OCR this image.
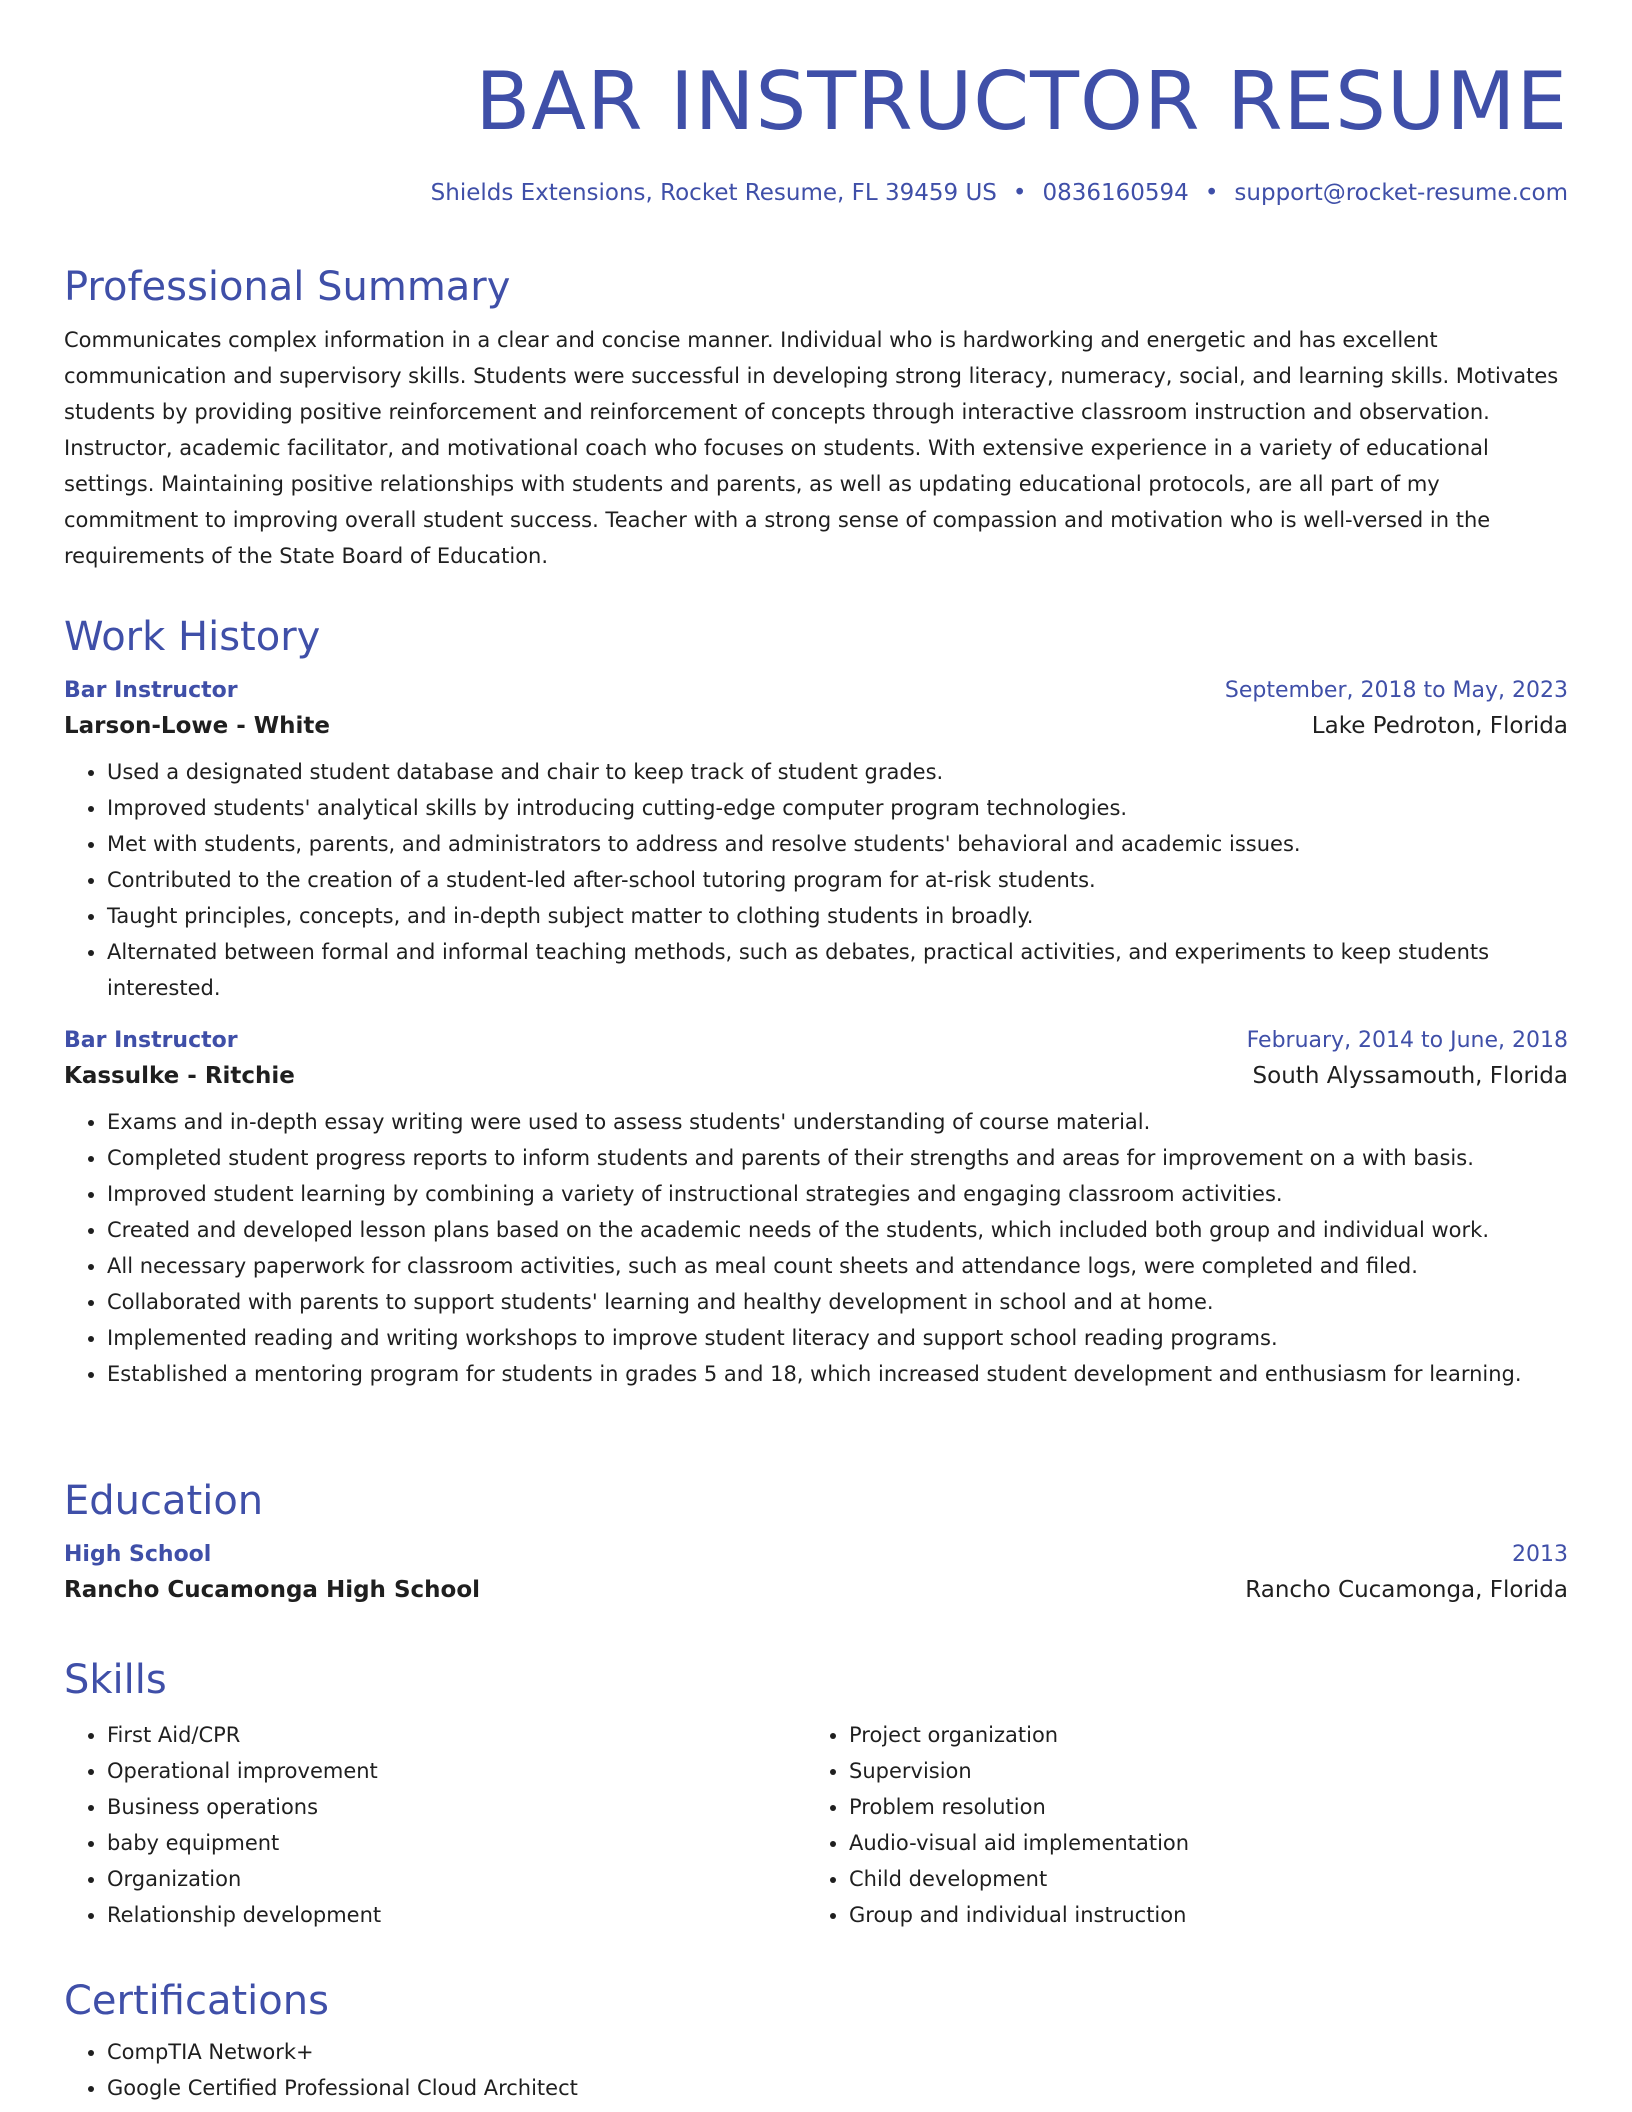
BAR INSTRUCTOR RESUME
Shields Extensions, Rocket Resume, FL 39459 US • 0836160594 • support@rocket-resume.com
Professional Summary
Communicates complex information in a clear and concise manner. Individual who is hardworking and energetic and has excellent communication and supervisory skills. Students were successful in developing strong literacy, numeracy, social, and learning skills. Motivates students by providing positive reinforcement and reinforcement of concepts through interactive classroom instruction and observation. Instructor, academic facilitator, and motivational coach who focuses on students. With extensive experience in a variety of educational settings. Maintaining positive relationships with students and parents, as well as updating educational protocols, are all part of my commitment to improving overall student success. Teacher with a strong sense of compassion and motivation who is well-versed in the requirements of the State Board of Education.
Work History
Bar Instructor	September, 2018 to May, 2023
Larson-Lowe - White	Lake Pedroton, Florida
• Used a designated student database and chair to keep track of student grades.
• Improved students' analytical skills by introducing cutting-edge computer program technologies.
• Met with students, parents, and administrators to address and resolve students' behavioral and academic issues.
• Contributed to the creation of a student-led after-school tutoring program for at-risk students.
• Taught principles, concepts, and in-depth subject matter to clothing students in broadly.
• Alternated between formal and informal teaching methods, such as debates, practical activities, and experiments to keep students interested.
Bar Instructor	February, 2014 to June, 2018
Kassulke - Ritchie	South Alyssamouth, Florida
• Exams and in-depth essay writing were used to assess students' understanding of course material.
• Completed student progress reports to inform students and parents of their strengths and areas for improvement on a with basis.
• Improved student learning by combining a variety of instructional strategies and engaging classroom activities.
• Created and developed lesson plans based on the academic needs of the students, which included both group and individual work.
• All necessary paperwork for classroom activities, such as meal count sheets and attendance logs, were completed and filed.
• Collaborated with parents to support students' learning and healthy development in school and at home.
• Implemented reading and writing workshops to improve student literacy and support school reading programs.
• Established a mentoring program for students in grades 5 and 18, which increased student development and enthusiasm for learning.
Education
High School	2013
Rancho Cucamonga High School	Rancho Cucamonga, Florida
Skills
• First Aid/CPR
• Operational improvement
• Business operations
• baby equipment
• Organization
• Relationship development
• Project organization
• Supervision
• Problem resolution
• Audio-visual aid implementation
• Child development
• Group and individual instruction
Certifications
• CompTIA Network+
• Google Certified Professional Cloud Architect
